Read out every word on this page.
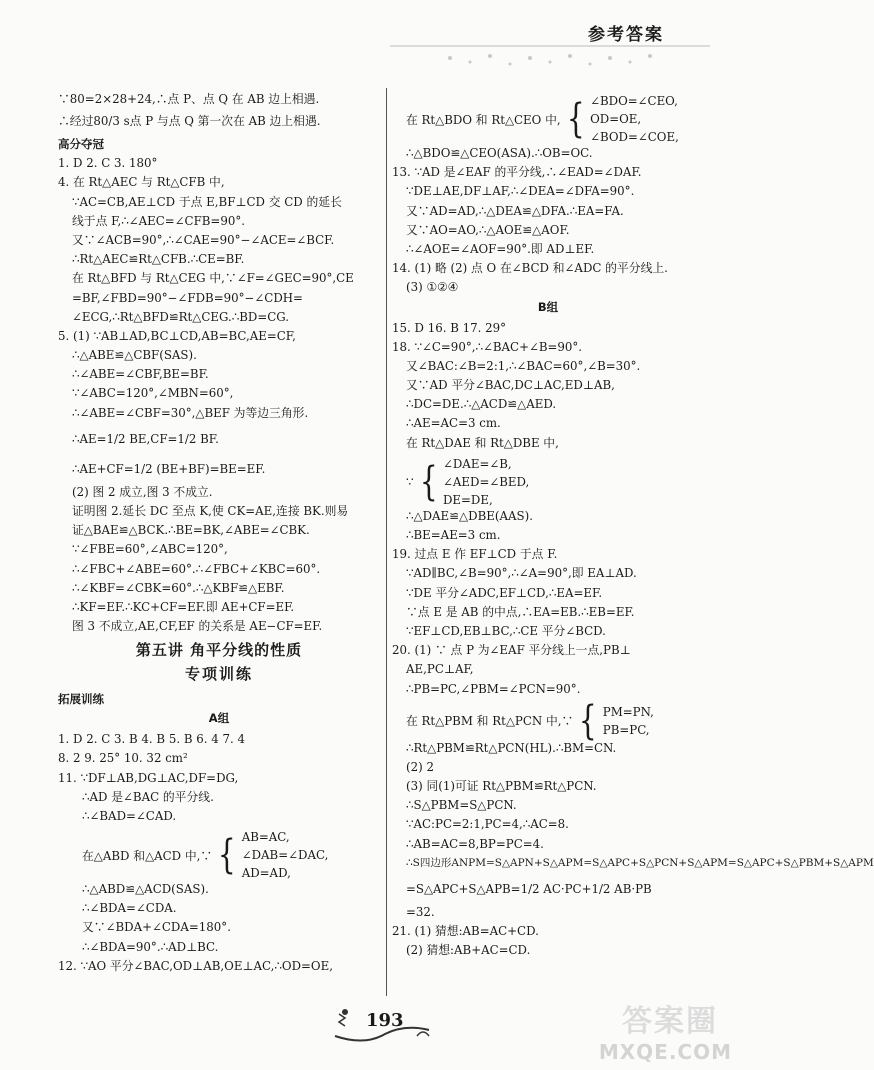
参考答案
∵80=2×28+24,∴点 P、点 Q 在 AB 边上相遇.
∴经过80/3 s点 P 与点 Q 第一次在 AB 边上相遇.
高分夺冠
1. D 2. C 3. 180°
4. 在 Rt△AEC 与 Rt△CFB 中,
∵AC=CB,AE⊥CD 于点 E,BF⊥CD 交 CD 的延长
线于点 F,∴∠AEC=∠CFB=90°.
又∵∠ACB=90°,∴∠CAE=90°−∠ACE=∠BCF.
∴Rt△AEC≌Rt△CFB.∴CE=BF.
在 Rt△BFD 与 Rt△CEG 中,∵∠F=∠GEC=90°,CE
=BF,∠FBD=90°−∠FDB=90°−∠CDH=
∠ECG,∴Rt△BFD≌Rt△CEG.∴BD=CG.
5. (1) ∵AB⊥AD,BC⊥CD,AB=BC,AE=CF,
∴△ABE≌△CBF(SAS).
∴∠ABE=∠CBF,BE=BF.
∵∠ABC=120°,∠MBN=60°,
∴∠ABE=∠CBF=30°,△BEF 为等边三角形.
∴AE=1/2 BE,CF=1/2 BF.
∴AE+CF=1/2 (BE+BF)=BE=EF.
(2) 图 2 成立,图 3 不成立.
证明图 2.延长 DC 至点 K,使 CK=AE,连接 BK.则易
证△BAE≌△BCK.∴BE=BK,∠ABE=∠CBK.
∵∠FBE=60°,∠ABC=120°,
∴∠FBC+∠ABE=60°.∴∠FBC+∠KBC=60°.
∴∠KBF=∠CBK=60°.∴△KBF≌△EBF.
∴KF=EF.∴KC+CF=EF.即 AE+CF=EF.
图 3 不成立,AE,CF,EF 的关系是 AE−CF=EF.
第五讲 角平分线的性质
专项训练
拓展训练
A组
1. D 2. C 3. B 4. B 5. B 6. 4 7. 4
8. 2 9. 25° 10. 32 cm²
11. ∵DF⊥AB,DG⊥AC,DF=DG,
∴AD 是∠BAC 的平分线.
∴∠BAD=∠CAD.
在△ABD 和△ACD 中,∵ { AB=AC,
∠DAB=∠DAC,
AD=AD,
∴△ABD≌△ACD(SAS).
∴∠BDA=∠CDA.
又∵∠BDA+∠CDA=180°.
∴∠BDA=90°.∴AD⊥BC.
12. ∵AO 平分∠BAC,OD⊥AB,OE⊥AC,∴OD=OE,
在 Rt△BDO 和 Rt△CEO 中, { ∠BDO=∠CEO,
OD=OE,
∠BOD=∠COE,
∴△BDO≌△CEO(ASA).∴OB=OC.
13. ∵AD 是∠EAF 的平分线,∴∠EAD=∠DAF.
∵DE⊥AE,DF⊥AF,∴∠DEA=∠DFA=90°.
又∵AD=AD,∴△DEA≌△DFA.∴EA=FA.
又∵AO=AO,∴△AOE≌△AOF.
∴∠AOE=∠AOF=90°.即 AD⊥EF.
14. (1) 略 (2) 点 O 在∠BCD 和∠ADC 的平分线上.
(3) ①②④
B组
15. D 16. B 17. 29°
18. ∵∠C=90°,∴∠BAC+∠B=90°.
又∠BAC:∠B=2:1,∴∠BAC=60°,∠B=30°.
又∵AD 平分∠BAC,DC⊥AC,ED⊥AB,
∴DC=DE.∴△ACD≌△AED.
∴AE=AC=3 cm.
在 Rt△DAE 和 Rt△DBE 中,
∵ { ∠DAE=∠B,
∠AED=∠BED,
DE=DE,
∴△DAE≌△DBE(AAS).
∴BE=AE=3 cm.
19. 过点 E 作 EF⊥CD 于点 F.
∵AD∥BC,∠B=90°,∴∠A=90°,即 EA⊥AD.
∵DE 平分∠ADC,EF⊥CD,∴EA=EF.
∵点 E 是 AB 的中点,∴EA=EB.∴EB=EF.
∵EF⊥CD,EB⊥BC,∴CE 平分∠BCD.
20. (1) ∵ 点 P 为∠EAF 平分线上一点,PB⊥
AE,PC⊥AF,
∴PB=PC,∠PBM=∠PCN=90°.
在 Rt△PBM 和 Rt△PCN 中,∵ { PM=PN,
PB=PC,
∴Rt△PBM≌Rt△PCN(HL).∴BM=CN.
(2) 2
(3) 同(1)可证 Rt△PBM≌Rt△PCN.
∴S△PBM=S△PCN.
∵AC:PC=2:1,PC=4,∴AC=8.
∴AB=AC=8,BP=PC=4.
∴S四边形ANPM=S△APN+S△APM=S△APC+S△PCN+S△APM=S△APC+S△PBM+S△APM
=S△APC+S△APB=1/2 AC·PC+1/2 AB·PB
=32.
21. (1) 猜想:AB=AC+CD.
(2) 猜想:AB+AC=CD.
193	答案圈
MXQE.COM
